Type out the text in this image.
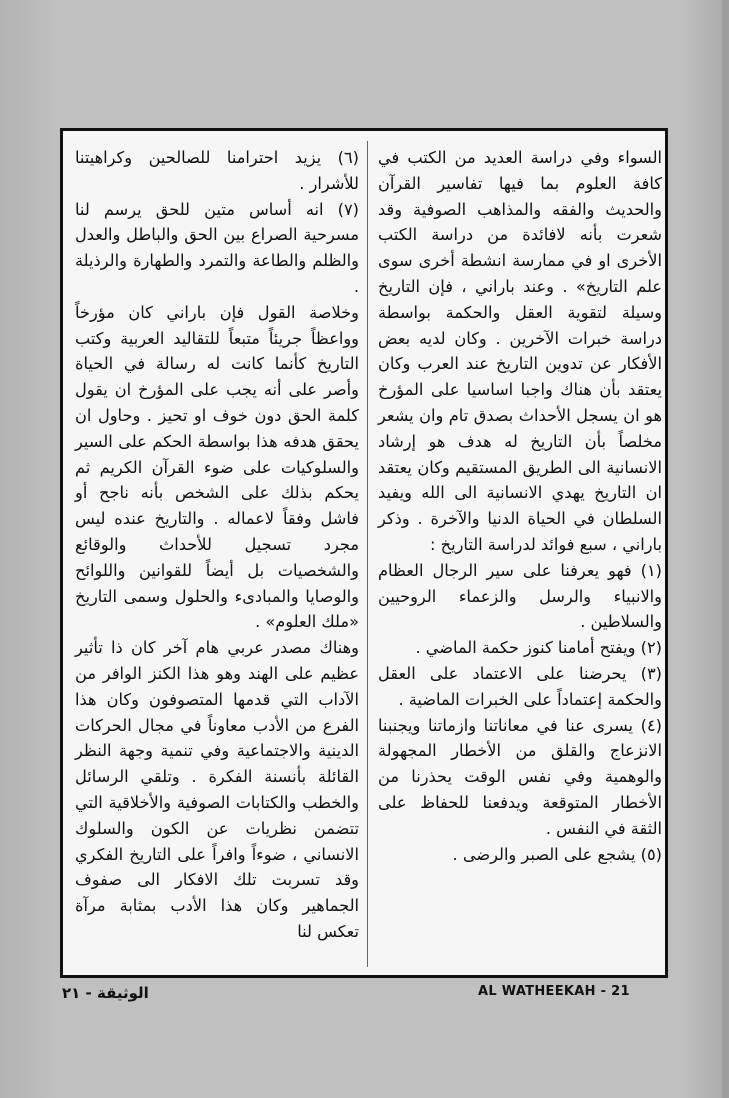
السواء وفي دراسة العديد من الكتب في كافة العلوم بما فيها تفاسير القرآن والحديث والفقه والمذاهب الصوفية وقد شعرت بأنه لافائدة من دراسة الكتب الأخرى او في ممارسة انشطة أخرى سوى علم التاريخ» . وعند باراني ، فإن التاريخ وسيلة لتقوية العقل والحكمة بواسطة دراسة خبرات الآخرين . وكان لديه بعض الأفكار عن تدوين التاريخ عند العرب وكان يعتقد بأن هناك واجبا اساسيا على المؤرخ هو ان يسجل الأحداث بصدق تام وان يشعر مخلصاً بأن التاريخ له هدف هو إرشاد الانسانية الى الطريق المستقيم وكان يعتقد ان التاريخ يهدي الانسانية الى الله ويفيد السلطان في الحياة الدنيا والآخرة . وذكر باراني ، سبع فوائد لدراسة التاريخ :

(١) فهو يعرفنا على سير الرجال العظام والانبياء والرسل والزعماء الروحيين والسلاطين .

(٢) ويفتح أمامنا كنوز حكمة الماضي .

(٣) يحرضنا على الاعتماد على العقل والحكمة إعتماداً على الخبرات الماضية .

(٤) يسرى عنا في معاناتنا وازماتنا ويجنبنا الانزعاج والقلق من الأخطار المجهولة والوهمية وفي نفس الوقت يحذرنا من الأخطار المتوقعة ويدفعنا للحفاظ على الثقة في النفس .

(٥) يشجع على الصبر والرضى .

(٦) يزيد احترامنا للصالحين وكراهيتنا للأشرار .

(٧) انه أساس متين للحق يرسم لنا مسرحية الصراع بين الحق والباطل والعدل والظلم والطاعة والتمرد والطهارة والرذيلة .

وخلاصة القول فإن باراني كان مؤرخاً وواعظاً جريئاً متبعاً للتقاليد العربية وكتب التاريخ كأنما كانت له رسالة في الحياة وأصر على أنه يجب على المؤرخ ان يقول كلمة الحق دون خوف او تحيز . وحاول ان يحقق هدفه هذا بواسطة الحكم على السير والسلوكيات على ضوء القرآن الكريم ثم يحكم بذلك على الشخص بأنه ناجح أو فاشل وفقاً لاعماله . والتاريخ عنده ليس مجرد تسجيل للأحداث والوقائع والشخصيات بل أيضاً للقوانين واللوائح والوصايا والمبادىء والحلول وسمى التاريخ «ملك العلوم» .

وهناك مصدر عربي هام آخر كان ذا تأثير عظيم على الهند وهو هذا الكنز الوافر من الآداب التي قدمها المتصوفون وكان هذا الفرع من الأدب معاوناً في مجال الحركات الدينية والاجتماعية وفي تنمية وجهة النظر القائلة بأنسنة الفكرة . وتلقي الرسائل والخطب والكتابات الصوفية والأخلاقية التي تتضمن نظريات عن الكون والسلوك الانساني ، ضوءاً وافراً على التاريخ الفكري وقد تسربت تلك الافكار الى صفوف الجماهير وكان هذا الأدب بمثابة مرآة تعكس لنا

AL WATHEEKAH - 21
الوثيقة - ٢١
